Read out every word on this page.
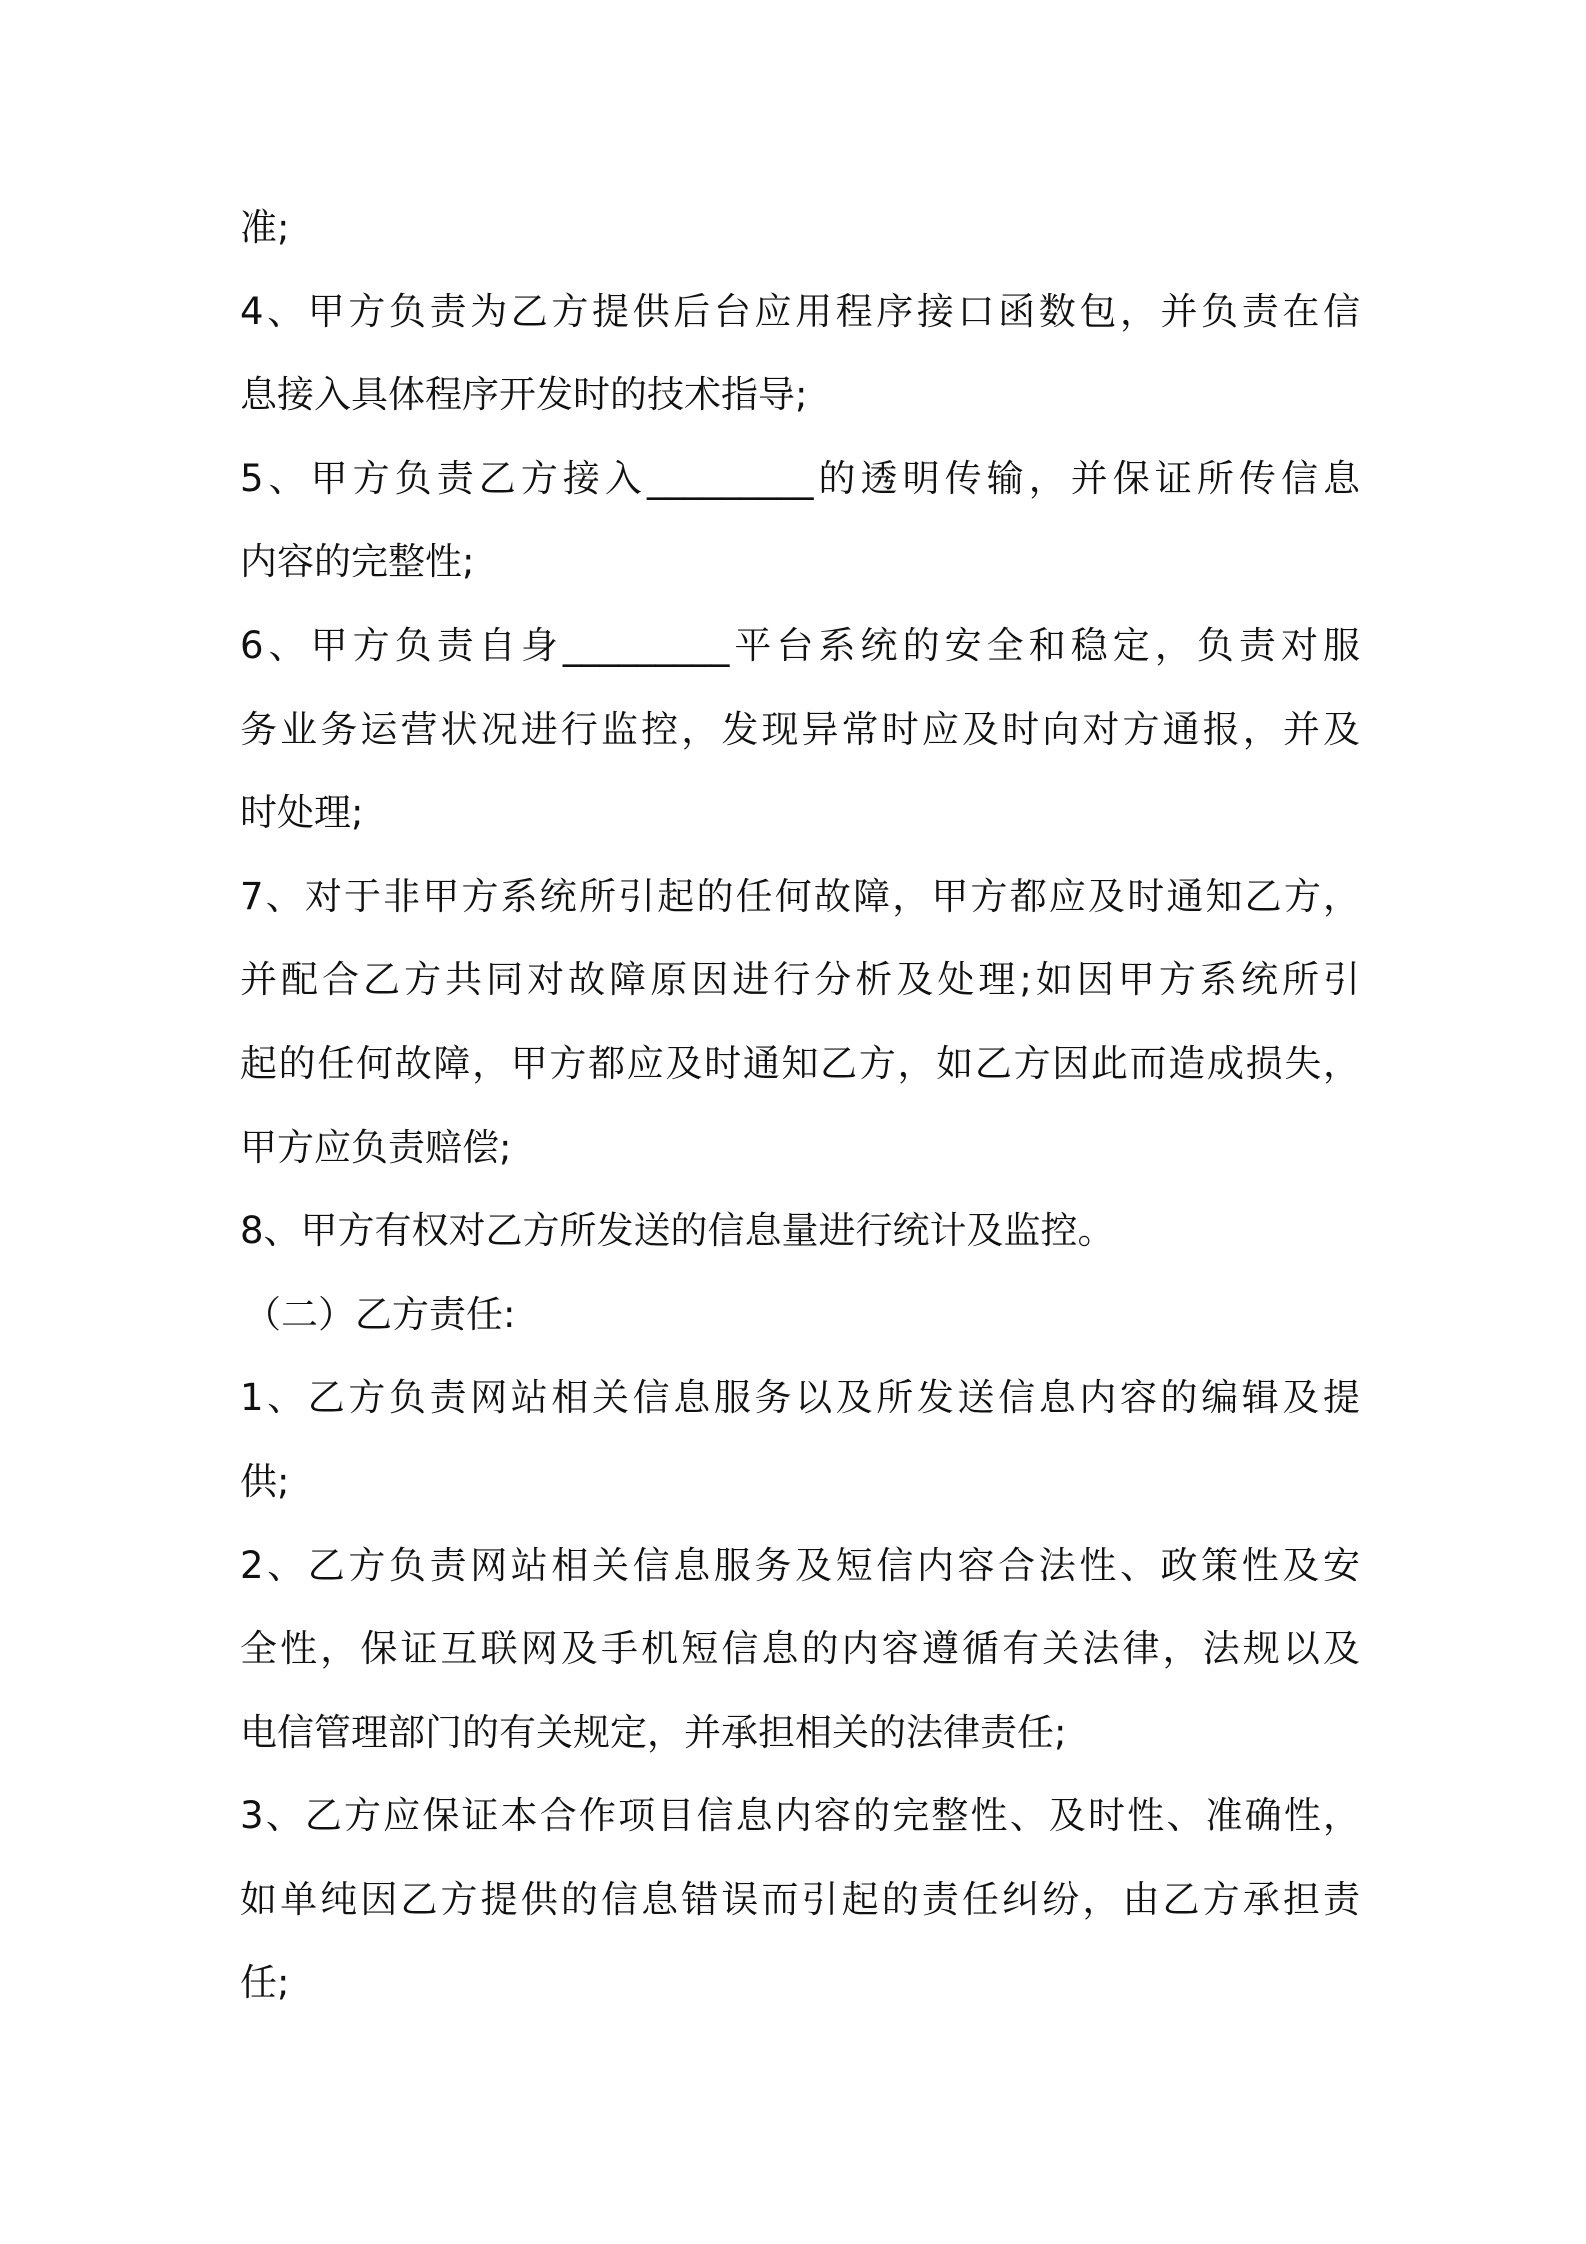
准;
4、甲方负责为乙方提供后台应用程序接口函数包，并负责在信
息接入具体程序开发时的技术指导;
5、甲方负责乙方接入_________的透明传输，并保证所传信息
内容的完整性;
6、甲方负责自身_________平台系统的安全和稳定，负责对服
务业务运营状况进行监控，发现异常时应及时向对方通报，并及
时处理;
7、对于非甲方系统所引起的任何故障，甲方都应及时通知乙方，
并配合乙方共同对故障原因进行分析及处理;如因甲方系统所引
起的任何故障，甲方都应及时通知乙方，如乙方因此而造成损失，
甲方应负责赔偿;
8、甲方有权对乙方所发送的信息量进行统计及监控。
（二）乙方责任:
1、乙方负责网站相关信息服务以及所发送信息内容的编辑及提
供;
2、乙方负责网站相关信息服务及短信内容合法性、政策性及安
全性，保证互联网及手机短信息的内容遵循有关法律，法规以及
电信管理部门的有关规定，并承担相关的法律责任;
3、乙方应保证本合作项目信息内容的完整性、及时性、准确性，
如单纯因乙方提供的信息错误而引起的责任纠纷，由乙方承担责
任;
